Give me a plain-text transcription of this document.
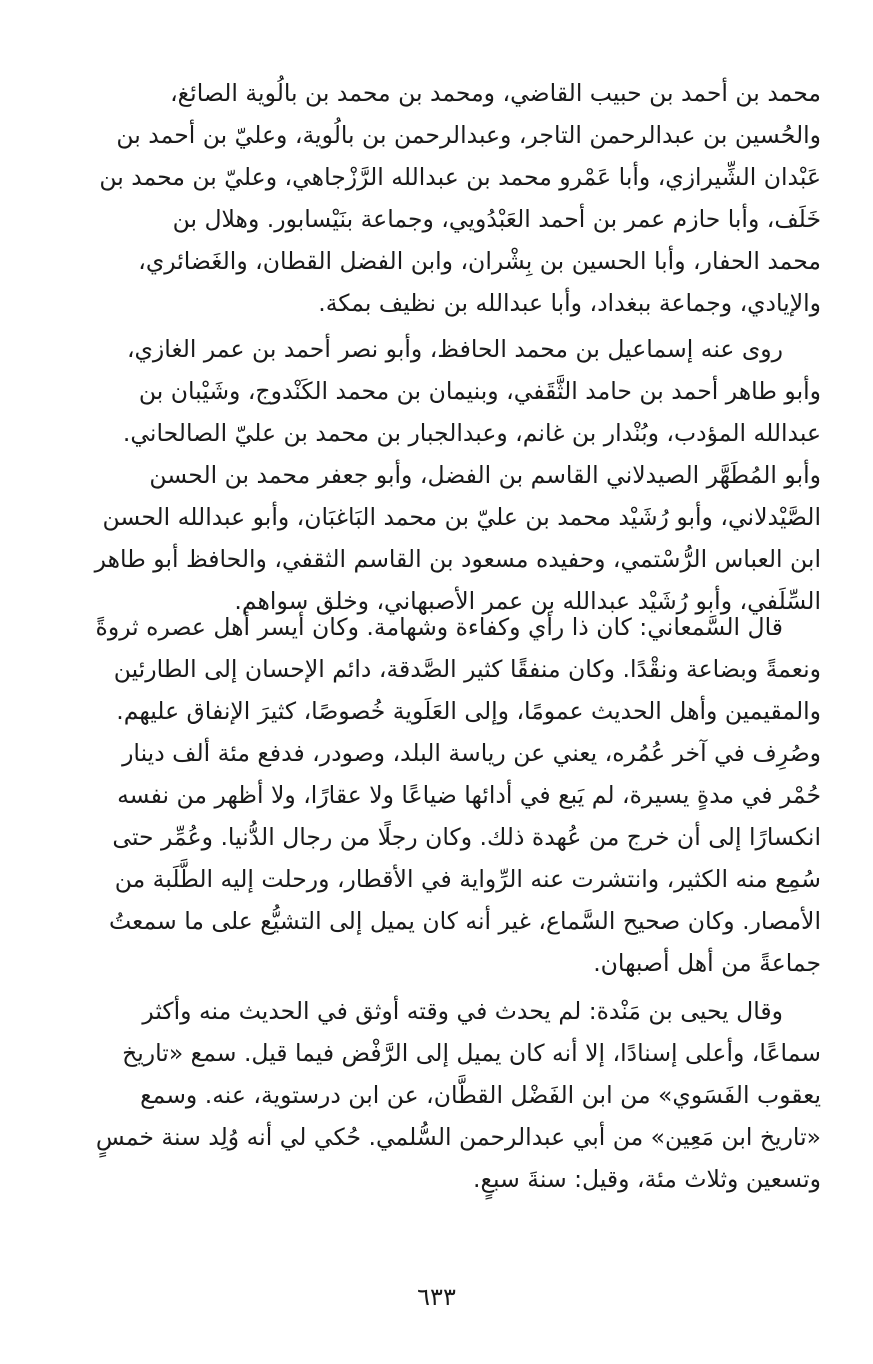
محمد بن أحمد بن حبيب القاضي، ومحمد بن محمد بن بالُوية الصائغ،
والحُسين بن عبدالرحمن التاجر، وعبدالرحمن بن بالُوية، وعليّ بن أحمد بن
عَبْدان الشِّيرازي، وأبا عَمْرو محمد بن عبدالله الرَّزْجاهي، وعليّ بن محمد بن
خَلَف، وأبا حازم عمر بن أحمد العَبْدُويي، وجماعة بنَيْسابور. وهلال بن
محمد الحفار، وأبا الحسين بن بِشْران، وابن الفضل القطان، والغَضائري،
والإيادي، وجماعة ببغداد، وأبا عبدالله بن نظيف بمكة.
روى عنه إسماعيل بن محمد الحافظ، وأبو نصر أحمد بن عمر الغازي،
وأبو طاهر أحمد بن حامد الثَّقَفي، وبنيمان بن محمد الكَنْدوج، وشَيْبان بن
عبدالله المؤدب، وبُنْدار بن غانم، وعبدالجبار بن محمد بن عليّ الصالحاني.
وأبو المُطَهَّر الصيدلاني القاسم بن الفضل، وأبو جعفر محمد بن الحسن
الصَّيْدلاني، وأبو رُشَيْد محمد بن عليّ بن محمد البَاغبَان، وأبو عبدالله الحسن
ابن العباس الرُّسْتمي، وحفيده مسعود بن القاسم الثقفي، والحافظ أبو طاهر
السِّلَفي، وأبو رُشَيْد عبدالله بن عمر الأصبهاني، وخلق سواهم.
قال السَّمعاني: كان ذا رأي وكفاءة وشهامة. وكان أيسر أهل عصره ثروةً
ونعمةً وبضاعة ونقْدًا. وكان منفقًا كثير الصَّدقة، دائم الإحسان إلى الطارئين
والمقيمين وأهل الحديث عمومًا، وإلى العَلَوية خُصوصًا، كثيرَ الإنفاق عليهم.
وصُرِف في آخر عُمُره، يعني عن رياسة البلد، وصودر، فدفع مئة ألف دينار
حُمْر في مدةٍ يسيرة، لم يَبع في أدائها ضياعًا ولا عقارًا، ولا أظهر من نفسه
انكسارًا إلى أن خرج من عُهدة ذلك. وكان رجلًا من رجال الدُّنيا. وعُمِّر حتى
سُمِع منه الكثير، وانتشرت عنه الرِّواية في الأقطار، ورحلت إليه الطَّلَبة من
الأمصار. وكان صحيح السَّماع، غير أنه كان يميل إلى التشيُّع على ما سمعتُ
جماعةً من أهل أصبهان.
وقال يحيى بن مَنْدة: لم يحدث في وقته أوثق في الحديث منه وأكثر
سماعًا، وأعلى إسنادًا، إلا أنه كان يميل إلى الرَّفْض فيما قيل. سمع «تاريخ
يعقوب الفَسَوي» من ابن الفَضْل القطَّان، عن ابن درستوية، عنه. وسمع
«تاريخ ابن مَعِين» من أبي عبدالرحمن السُّلمي. حُكي لي أنه وُلِد سنة خمسٍ
وتسعين وثلاث مئة، وقيل: سنةَ سبعٍ.
٦٣٣
